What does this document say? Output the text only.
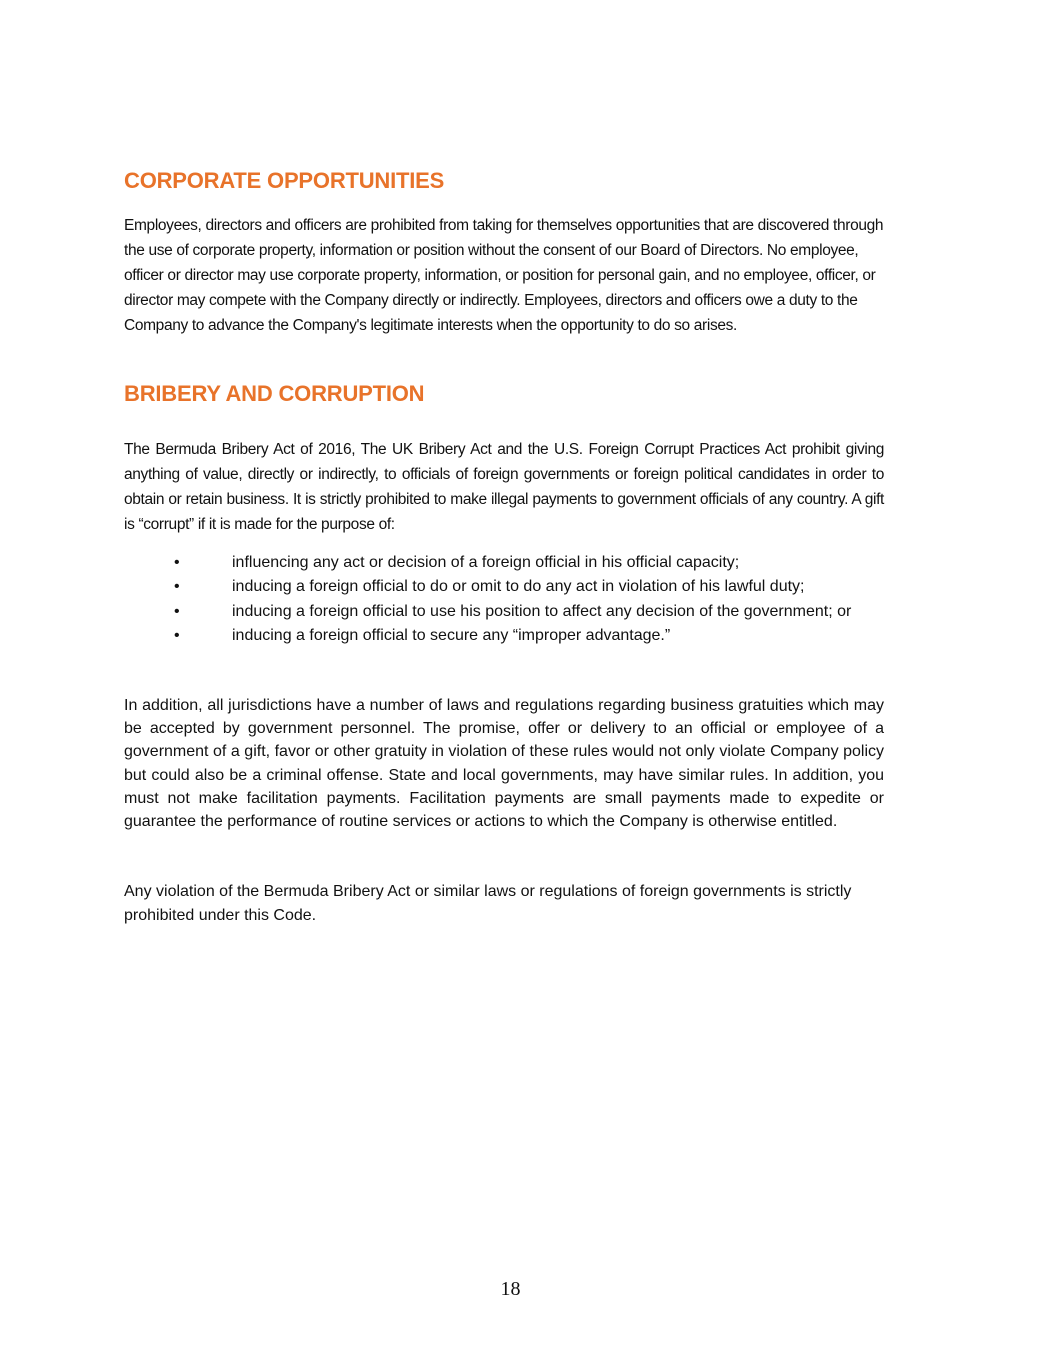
CORPORATE OPPORTUNITIES

Employees, directors and officers are prohibited from taking for themselves opportunities that are discovered through the use of corporate property, information or position without the consent of our Board of Directors. No employee, officer or director may use corporate property, information, or position for personal gain, and no employee, officer, or director may compete with the Company directly or indirectly. Employees, directors and officers owe a duty to the Company to advance the Company's legitimate interests when the opportunity to do so arises.

BRIBERY AND CORRUPTION

The Bermuda Bribery Act of 2016, The UK Bribery Act and the U.S. Foreign Corrupt Practices Act prohibit giving anything of value, directly or indirectly, to officials of foreign governments or foreign political candidates in order to obtain or retain business. It is strictly prohibited to make illegal payments to government officials of any country. A gift is “corrupt” if it is made for the purpose of:

•	influencing any act or decision of a foreign official in his official capacity;
•	inducing a foreign official to do or omit to do any act in violation of his lawful duty;
•	inducing a foreign official to use his position to affect any decision of the government; or
•	inducing a foreign official to secure any “improper advantage.”

In addition, all jurisdictions have a number of laws and regulations regarding business gratuities which may be accepted by government personnel. The promise, offer or delivery to an official or employee of a government of a gift, favor or other gratuity in violation of these rules would not only violate Company policy but could also be a criminal offense. State and local governments, may have similar rules. In addition, you must not make facilitation payments. Facilitation payments are small payments made to expedite or guarantee the performance of routine services or actions to which the Company is otherwise entitled.

Any violation of the Bermuda Bribery Act or similar laws or regulations of foreign governments is strictly prohibited under this Code.

18
